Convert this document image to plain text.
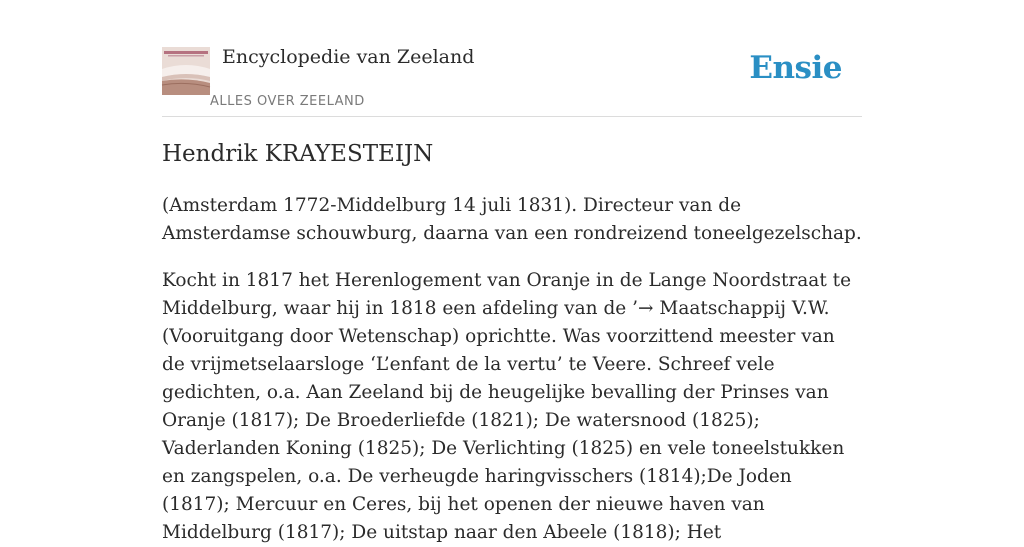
Encyclopedie van Zeeland
ALLES OVER ZEELAND
Ensie
Hendrik KRAYESTEIJN

(Amsterdam 1772-Middelburg 14 juli 1831). Directeur van de Amsterdamse schouwburg, daarna van een rondreizend toneelgezelschap.

Kocht in 1817 het Herenlogement van Oranje in de Lange Noordstraat te Middelburg, waar hij in 1818 een afdeling van de ’→ Maatschappij V.W. (Vooruitgang door Wetenschap) oprichtte. Was voorzittend meester van de vrijmetselaarsloge ‘L’enfant de la vertu’ te Veere. Schreef vele gedichten, o.a. Aan Zeeland bij de heugelijke bevalling der Prinses van Oranje (1817); De Broederliefde (1821); De watersnood (1825); Vaderlanden Koning (1825); De Verlichting (1825) en vele toneelstukken en zangspelen, o.a. De verheugde haringvisschers (1814);De Joden (1817); Mercuur en Ceres, bij het openen der nieuwe haven van Middelburg (1817); De uitstap naar den Abeele (1818); Het
